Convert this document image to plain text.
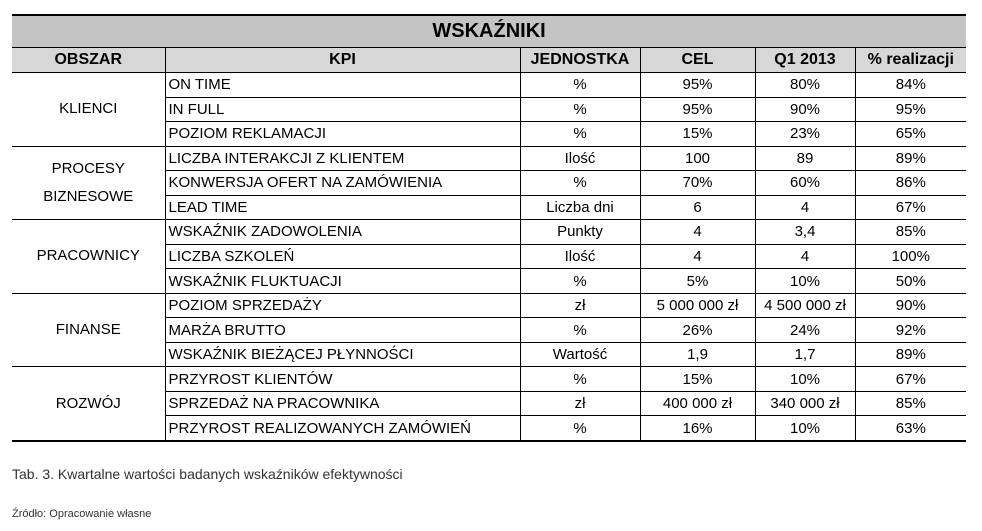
WSKAŹNIKI					
OBSZAR	KPI	JEDNOSTKA	CEL	Q1 2013	% realizacji
KLIENCI	ON TIME	%	95%	80%	84%
	IN FULL	%	95%	90%	95%
	POZIOM REKLAMACJI	%	15%	23%	65%
PROCESY BIZNESOWE	LICZBA INTERAKCJI Z KLIENTEM	Ilość	100	89	89%
	KONWERSJA OFERT NA ZAMÓWIENIA	%	70%	60%	86%
	LEAD TIME	Liczba dni	6	4	67%
PRACOWNICY	WSKAŹNIK ZADOWOLENIA	Punkty	4	3,4	85%
	LICZBA SZKOLEŃ	Ilość	4	4	100%
	WSKAŹNIK FLUKTUACJI	%	5%	10%	50%
FINANSE	POZIOM SPRZEDAŻY	zł	5 000 000 zł	4 500 000 zł	90%
	MARŻA BRUTTO	%	26%	24%	92%
	WSKAŹNIK BIEŻĄCEJ PŁYNNOŚCI	Wartość	1,9	1,7	89%
ROZWÓJ	PRZYROST KLIENTÓW	%	15%	10%	67%
	SPRZEDAŻ NA PRACOWNIKA	zł	400 000 zł	340 000 zł	85%
	PRZYROST REALIZOWANYCH ZAMÓWIEŃ	%	16%	10%	63%
Tab. 3. Kwartalne wartości badanych wskaźników efektywności
Źródło: Opracowanie własne
